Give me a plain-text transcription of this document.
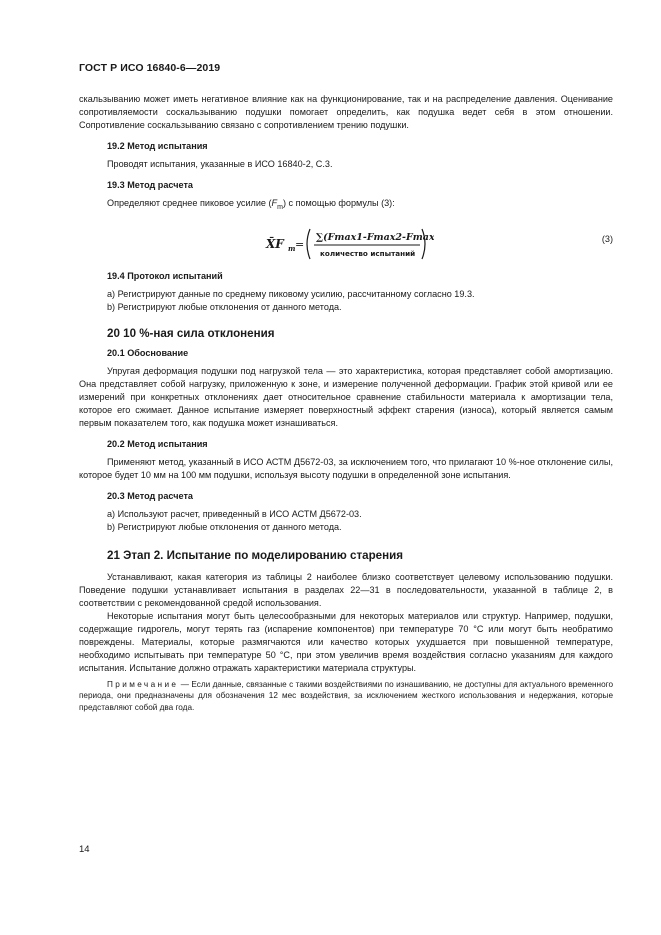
ГОСТ Р ИСО 16840-6—2019

скальзыванию может иметь негативное влияние как на функционирование, так и на распределение давления. Оценивание сопротивляемости соскальзыванию подушки помогает определить, как подушка ведет себя в этом отношении. Сопротивление соскальзыванию связано с сопротивлением трению подушки.

19.2 Метод испытания
Проводят испытания, указанные в ИСО 16840-2, С.3.
19.3 Метод расчета
Определяют среднее пиковое усилие $(F_m)$ с помощью формулы (3):
X̄F m =
∑(Fmax1-Fmax2-Fmax3)
количество испытаний
(3)
19.4 Протокол испытаний
a) Регистрируют данные по среднему пиковому усилию, рассчитанному согласно 19.3.
b) Регистрируют любые отклонения от данного метода.
20 10 %-ная сила отклонения
20.1 Обоснование

Упругая деформация подушки под нагрузкой тела — это характеристика, которая представляет собой амортизацию. Она представляет собой нагрузку, приложенную к зоне, и измерение полученной деформации. График этой кривой или ее измерений при конкретных отклонениях дает относительное сравнение стабильности материала к амортизации тела, которое его сжимает. Данное испытание измеряет поверхностный эффект старения (износа), который является самым первым показателем того, как подушка может изнашиваться.

20.2 Метод испытания

Применяют метод, указанный в ИСО АСТМ Д5672-03, за исключением того, что прилагают 10 %-ное отклонение силы, которое будет 10 мм на 100 мм подушки, используя высоту подушки в определенной зоне испытания.

20.3 Метод расчета
a) Используют расчет, приведенный в ИСО АСТМ Д5672-03.
b) Регистрируют любые отклонения от данного метода.
21 Этап 2. Испытание по моделированию старения

Устанавливают, какая категория из таблицы 2 наиболее близко соответствует целевому использованию подушки. Поведение подушки устанавливает испытания в разделах 22—31 в последовательности, указанной в таблице 2, в соответствии с рекомендованной средой использования.

Некоторые испытания могут быть целесообразными для некоторых материалов или структур. Например, подушки, содержащие гидрогель, могут терять газ (испарение компонентов) при температуре 70 °С или могут быть необратимо повреждены. Материалы, которые размягчаются или качество которых ухудшается при повышенной температуре, необходимо испытывать при температуре 50 °С, при этом увеличив время воздействия согласно указаниям для каждого испытания. Испытание должно отражать характеристики материала структуры.

Примечание — Если данные, связанные с такими воздействиями по изнашиванию, не доступны для актуального временного периода, они предназначены для обозначения 12 мес воздействия, за исключением жесткого использования и недержания, которые представляют собой два года.

14
